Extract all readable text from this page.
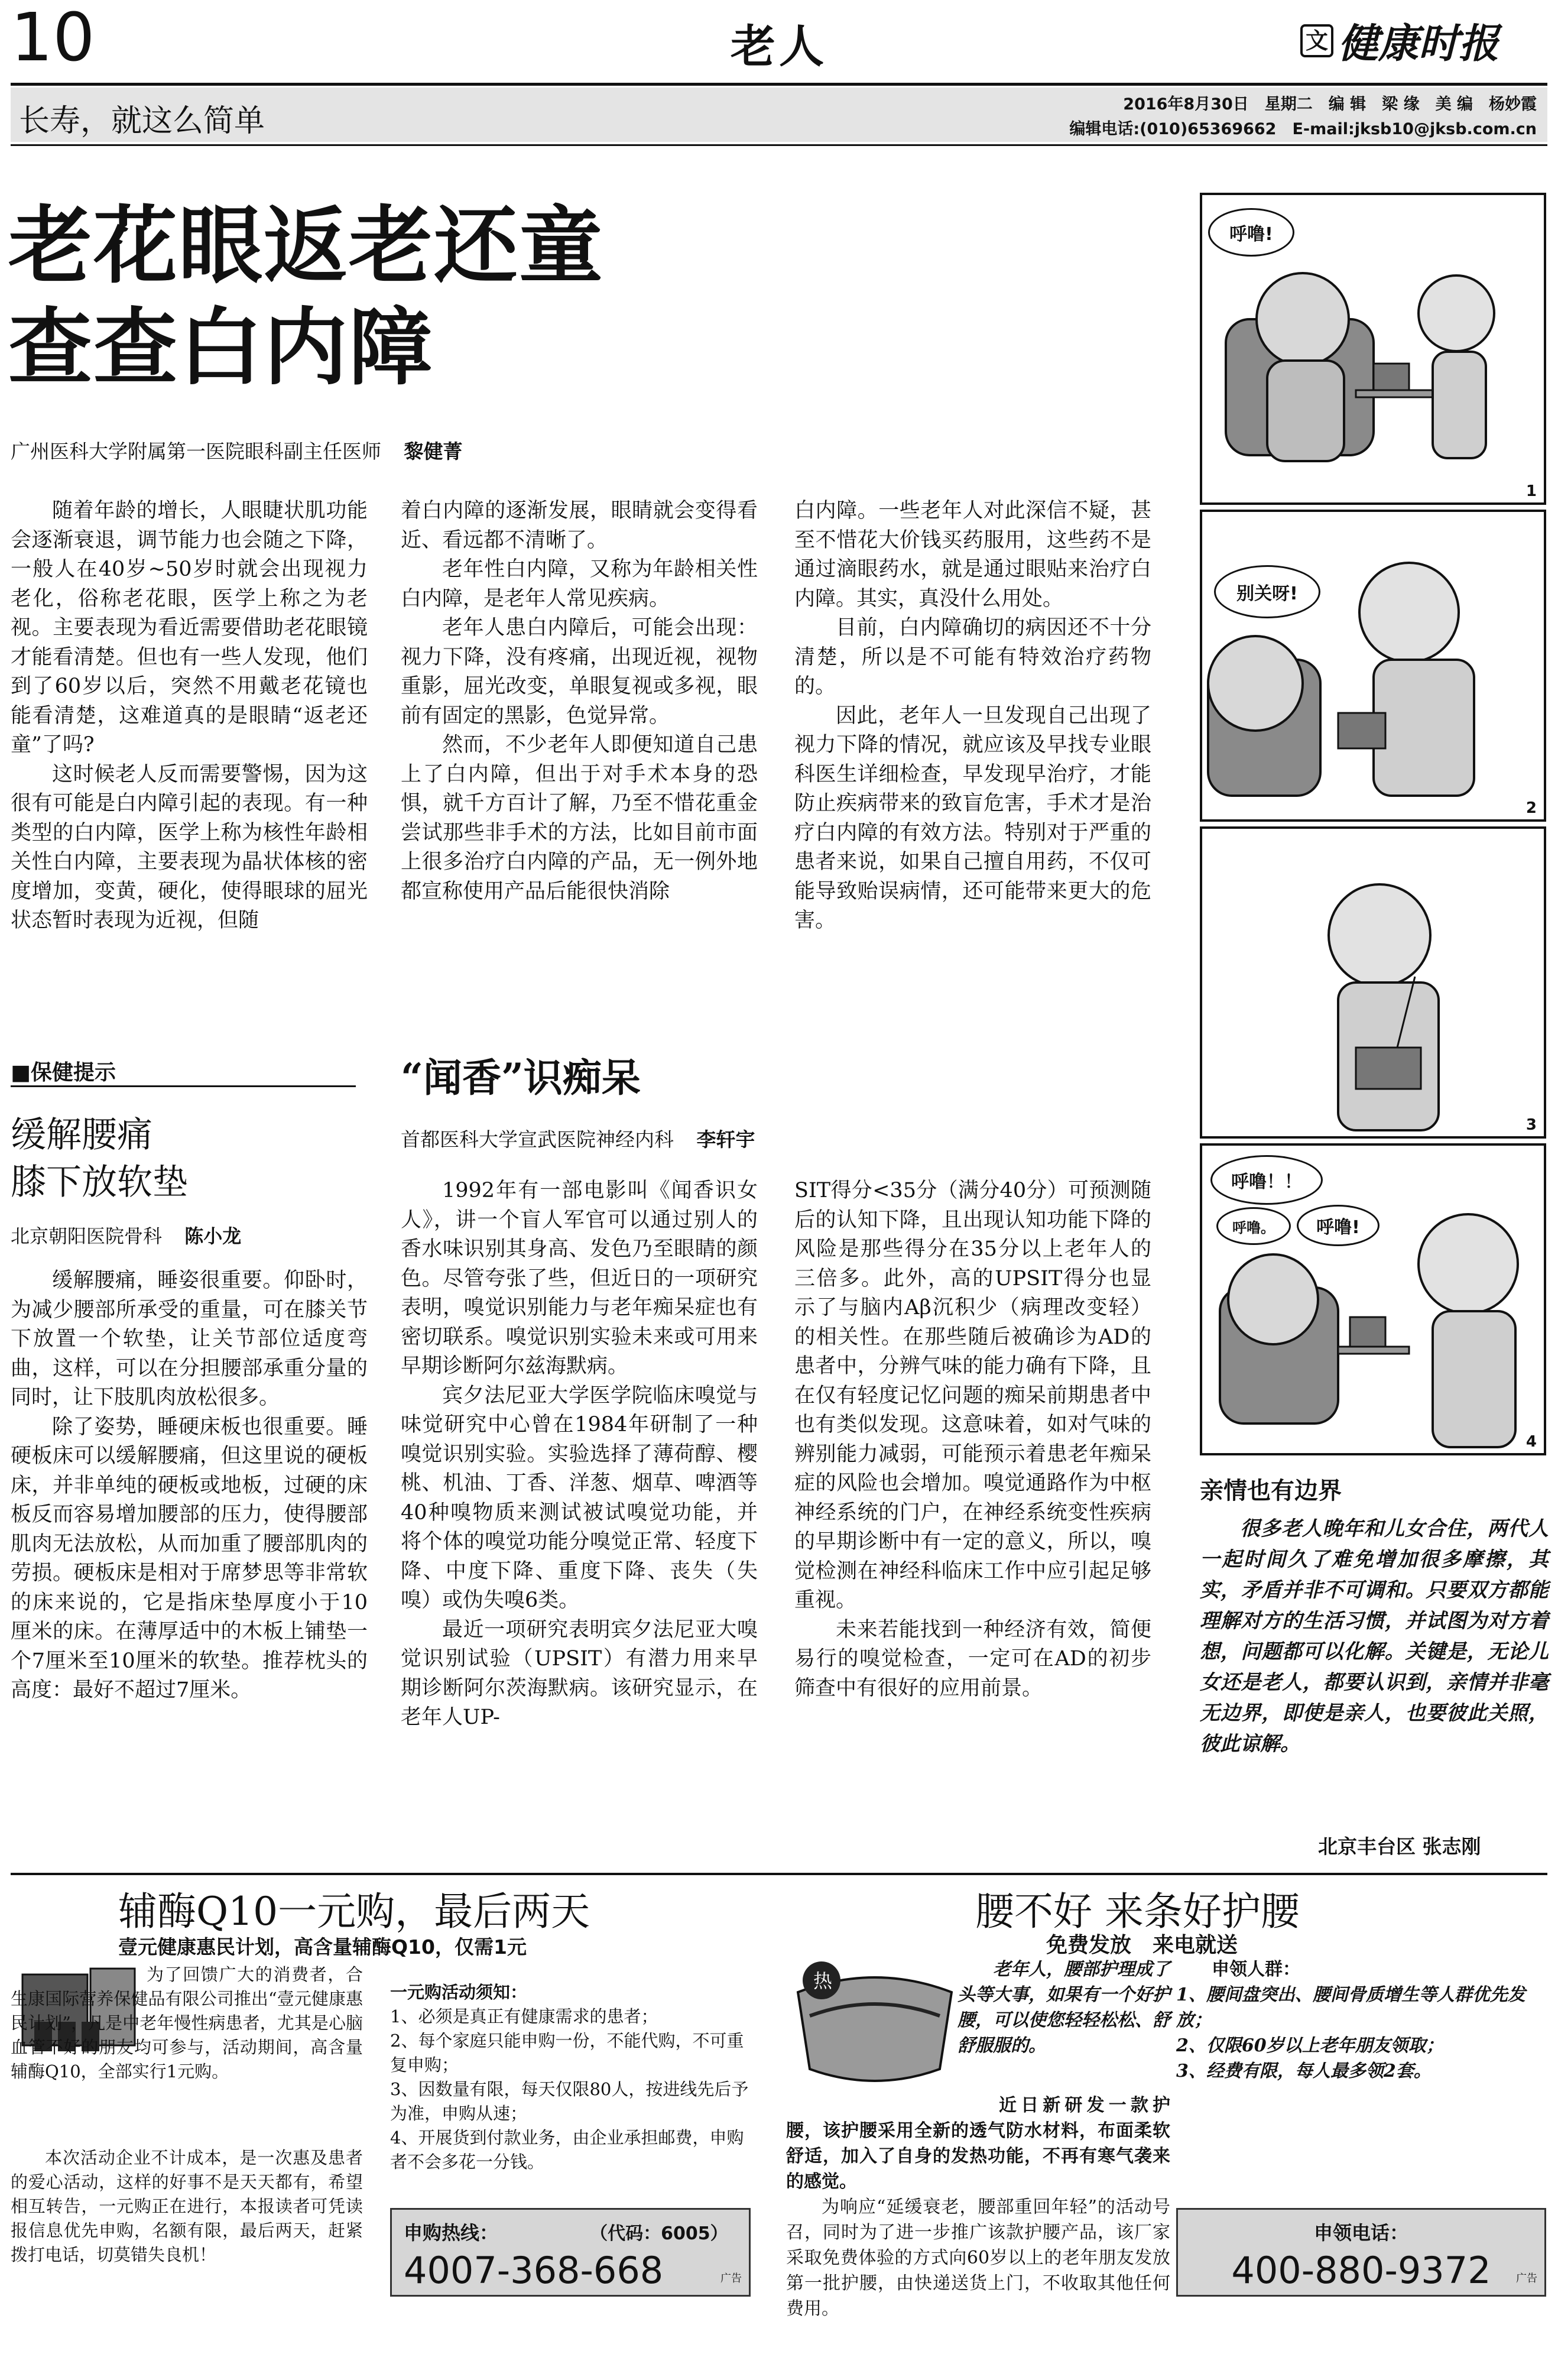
10	老人	文 健康时报
长寿，就这么简单	2016年8月30日　星期二　编 辑　梁 缘　美 编　杨妙霞
编辑电话:(010)65369662　E-mail:jksb10@jksb.com.cn
老花眼返老还童
查查白内障
广州医科大学附属第一医院眼科副主任医师 黎健菁

随着年龄的增长，人眼睫状肌功能会逐渐衰退，调节能力也会随之下降，一般人在40岁~50岁时就会出现视力老化，俗称老花眼，医学上称之为老视。主要表现为看近需要借助老花眼镜才能看清楚。但也有一些人发现，他们到了60岁以后，突然不用戴老花镜也能看清楚，这难道真的是眼睛“返老还童”了吗?

这时候老人反而需要警惕，因为这很有可能是白内障引起的表现。有一种类型的白内障，医学上称为核性年龄相关性白内障，主要表现为晶状体核的密度增加，变黄，硬化，使得眼球的屈光状态暂时表现为近视，但随

着白内障的逐渐发展，眼睛就会变得看近、看远都不清晰了。

老年性白内障，又称为年龄相关性白内障，是老年人常见疾病。

老年人患白内障后，可能会出现：视力下降，没有疼痛，出现近视，视物重影，屈光改变，单眼复视或多视，眼前有固定的黑影，色觉异常。

然而，不少老年人即便知道自己患上了白内障，但出于对手术本身的恐惧，就千方百计了解，乃至不惜花重金尝试那些非手术的方法，比如目前市面上很多治疗白内障的产品，无一例外地都宣称使用产品后能很快消除

白内障。一些老年人对此深信不疑，甚至不惜花大价钱买药服用，这些药不是通过滴眼药水，就是通过眼贴来治疗白内障。其实，真没什么用处。

目前，白内障确切的病因还不十分清楚，所以是不可能有特效治疗药物的。

因此，老年人一旦发现自己出现了视力下降的情况，就应该及早找专业眼科医生详细检查，早发现早治疗，才能防止疾病带来的致盲危害，手术才是治疗白内障的有效方法。特别对于严重的患者来说，如果自己擅自用药，不仅可能导致贻误病情，还可能带来更大的危害。

■保健提示
缓解腰痛
膝下放软垫
北京朝阳医院骨科 陈小龙

缓解腰痛，睡姿很重要。仰卧时，为减少腰部所承受的重量，可在膝关节下放置一个软垫，让关节部位适度弯曲，这样，可以在分担腰部承重分量的同时，让下肢肌肉放松很多。

除了姿势，睡硬床板也很重要。睡硬板床可以缓解腰痛，但这里说的硬板床，并非单纯的硬板或地板，过硬的床板反而容易增加腰部的压力，使得腰部肌肉无法放松，从而加重了腰部肌肉的劳损。硬板床是相对于席梦思等非常软的床来说的，它是指床垫厚度小于10厘米的床。在薄厚适中的木板上铺垫一个7厘米至10厘米的软垫。推荐枕头的高度：最好不超过7厘米。

“闻香”识痴呆
首都医科大学宣武医院神经内科 李轩宇

1992年有一部电影叫《闻香识女人》，讲一个盲人军官可以通过别人的香水味识别其身高、发色乃至眼睛的颜色。尽管夸张了些，但近日的一项研究表明，嗅觉识别能力与老年痴呆症也有密切联系。嗅觉识别实验未来或可用来早期诊断阿尔兹海默病。

宾夕法尼亚大学医学院临床嗅觉与味觉研究中心曾在1984年研制了一种嗅觉识别实验。实验选择了薄荷醇、樱桃、机油、丁香、洋葱、烟草、啤酒等40种嗅物质来测试被试嗅觉功能，并将个体的嗅觉功能分嗅觉正常、轻度下降、中度下降、重度下降、丧失（失嗅）或伪失嗅6类。

最近一项研究表明宾夕法尼亚大嗅觉识别试验（UPSIT）有潜力用来早期诊断阿尔茨海默病。该研究显示，在老年人UP-

SIT得分<35分（满分40分）可预测随后的认知下降，且出现认知功能下降的风险是那些得分在35分以上老年人的三倍多。此外，高的UPSIT得分也显示了与脑内Aβ沉积少（病理改变轻）的相关性。在那些随后被确诊为AD的患者中，分辨气味的能力确有下降，且在仅有轻度记忆问题的痴呆前期患者中也有类似发现。这意味着，如对气味的辨别能力减弱，可能预示着患老年痴呆症的风险也会增加。嗅觉通路作为中枢神经系统的门户，在神经系统变性疾病的早期诊断中有一定的意义，所以，嗅觉检测在神经科临床工作中应引起足够重视。

未来若能找到一种经济有效，简便易行的嗅觉检查，一定可在AD的初步筛查中有很好的应用前景。

呼噜!
1
别关呀!
2
3
呼噜！！
呼噜。	呼噜!
4
亲情也有边界
很多老人晚年和儿女合住，两代人一起时间久了难免增加很多摩擦，其实，矛盾并非不可调和。只要双方都能理解对方的生活习惯，并试图为对方着想，问题都可以化解。关键是，无论儿女还是老人，都要认识到，亲情并非毫无边界，即使是亲人，也要彼此关照，彼此谅解。
北京丰台区 张志刚
辅酶Q10一元购，最后两天
壹元健康惠民计划，高含量辅酶Q10，仅需1元
为了回馈广大的消费者，合生康国际营养保健品有限公司推出“壹元健康惠民计划”，凡是中老年慢性病患者，尤其是心脑血管不好的朋友均可参与，活动期间，高含量辅酶Q10，全部实行1元购。
本次活动企业不计成本，是一次惠及患者的爱心活动，这样的好事不是天天都有，希望相互转告，一元购正在进行，本报读者可凭读报信息优先申购，名额有限，最后两天，赶紧拨打电话，切莫错失良机！
一元购活动须知：
1、必须是真正有健康需求的患者；
2、每个家庭只能申购一份，不能代购，不可重复申购；
3、因数量有限，每天仅限80人，按进线先后予为准，申购从速；
4、开展货到付款业务，由企业承担邮费，申购者不会多花一分钱。
申购热线：	（代码：6005）
4007-368-668	广告
腰不好 来条好护腰
免费发放　来电就送
热
老年人，腰部护理成了头等大事，如果有一个好护腰，可以使您轻轻松松、舒舒服服的。
近日新研发一款护腰，该护腰采用全新的透气防水材料，布面柔软舒适，加入了自身的发热功能，不再有寒气袭来的感觉。
为响应“延缓衰老，腰部重回年轻”的活动号召，同时为了进一步推广该款护腰产品，该厂家采取免费体验的方式向60岁以上的老年朋友发放第一批护腰，由快递送货上门，不收取其他任何费用。
申领人群：
1、腰间盘突出、腰间骨质增生等人群优先发放；
2、仅限60岁以上老年朋友领取；
3、经费有限，每人最多领2套。
申领电话：
400-880-9372	广告
